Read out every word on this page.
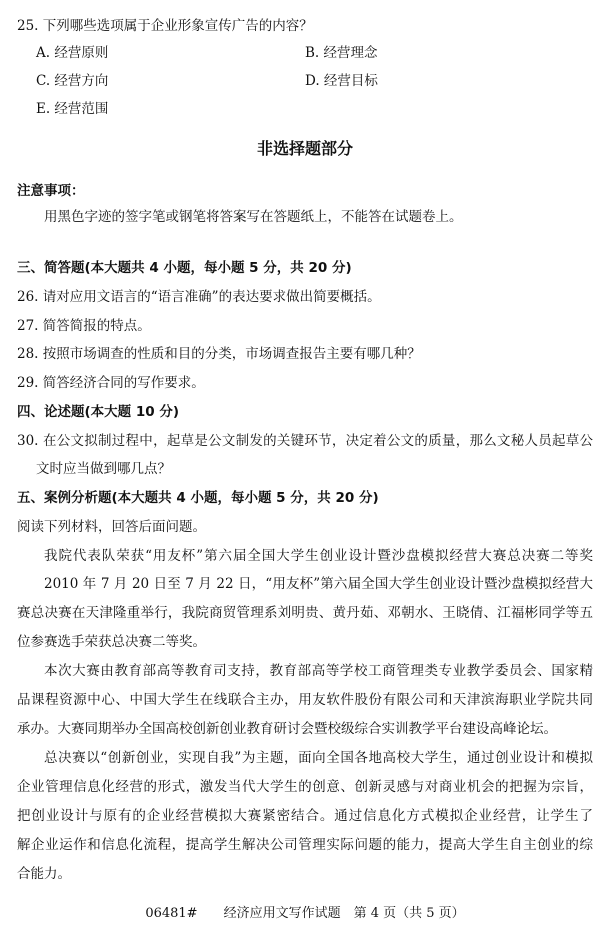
25. 下列哪些选项属于企业形象宣传广告的内容？
A. 经营原则	B. 经营理念
C. 经营方向	D. 经营目标
E. 经营范围
非选择题部分
注意事项：
用黑色字迹的签字笔或钢笔将答案写在答题纸上，不能答在试题卷上。
三、简答题(本大题共 4 小题，每小题 5 分，共 20 分)
26. 请对应用文语言的“语言准确”的表达要求做出简要概括。
27. 简答简报的特点。
28. 按照市场调查的性质和目的分类，市场调查报告主要有哪几种？
29. 简答经济合同的写作要求。
四、论述题(本大题 10 分)
30. 在公文拟制过程中，起草是公文制发的关键环节，决定着公文的质量，那么文秘人员起草公
文时应当做到哪几点？
五、案例分析题(本大题共 4 小题，每小题 5 分，共 20 分)
阅读下列材料，回答后面问题。
我院代表队荣获“用友杯”第六届全国大学生创业设计暨沙盘模拟经营大赛总决赛二等奖
2010 年 7 月 20 日至 7 月 22 日，“用友杯”第六届全国大学生创业设计暨沙盘模拟经营大
赛总决赛在天津隆重举行，我院商贸管理系刘明贵、黄丹茹、邓朝水、王晓倩、江福彬同学等五
位参赛选手荣获总决赛二等奖。
本次大赛由教育部高等教育司支持，教育部高等学校工商管理类专业教学委员会、国家精
品课程资源中心、中国大学生在线联合主办，用友软件股份有限公司和天津滨海职业学院共同
承办。大赛同期举办全国高校创新创业教育研讨会暨校级综合实训教学平台建设高峰论坛。
总决赛以“创新创业，实现自我”为主题，面向全国各地高校大学生，通过创业设计和模拟
企业管理信息化经营的形式，激发当代大学生的创意、创新灵感与对商业机会的把握为宗旨，
把创业设计与原有的企业经营模拟大赛紧密结合。通过信息化方式模拟企业经营，让学生了
解企业运作和信息化流程，提高学生解决公司管理实际问题的能力，提高大学生自主创业的综
合能力。
06481#　　经济应用文写作试题　第 4 页（共 5 页）
